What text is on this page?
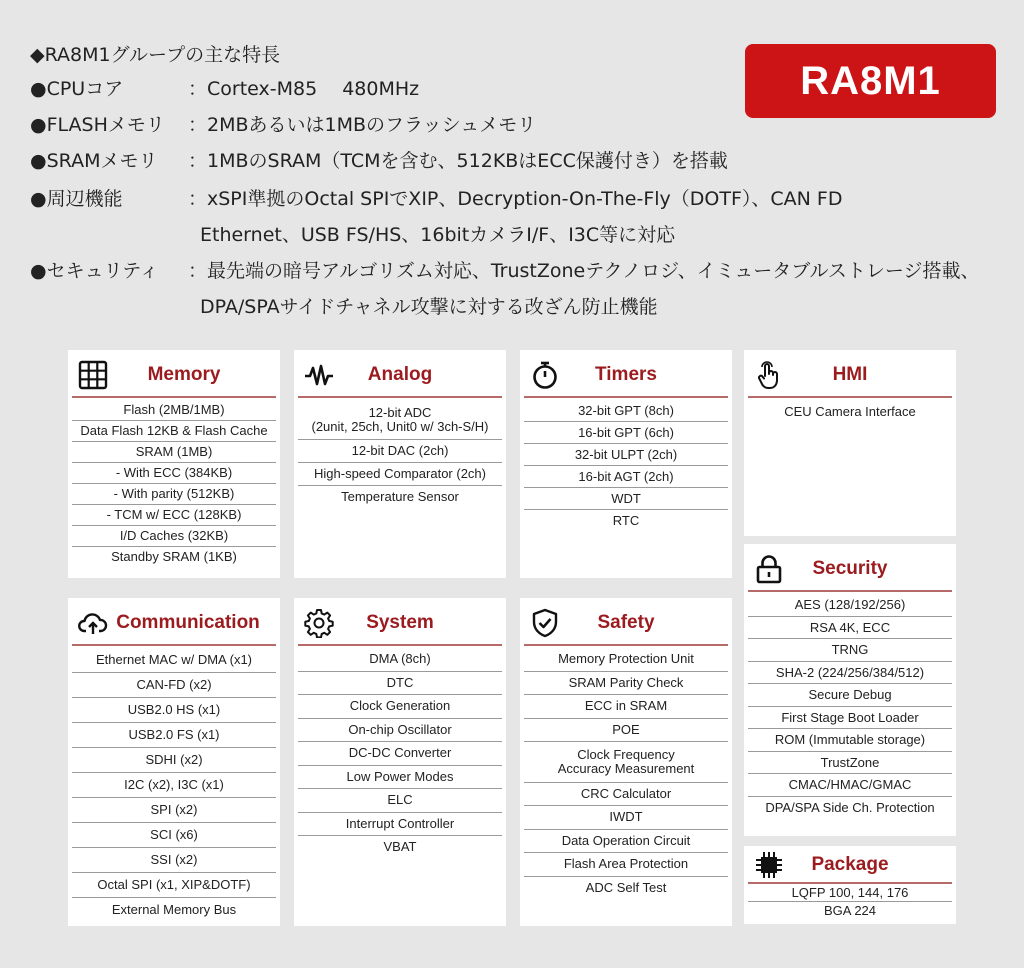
◆RA8M1グループの主な特長
●CPUコア	：Cortex-M85　 480MHz
●FLASHメモリ ：2MBあるいは1MBのフラッシュメモリ
●SRAMメモリ ：1MBのSRAM（TCMを含む、512KBはECC保護付き）を搭載
●周辺機能	：xSPI準拠のOctal SPIでXIP、Decryption-On-The-Fly（DOTF）、CAN FD
Ethernet、USB FS/HS、16bitカメラI/F、I3C等に対応
●セキュリティ ：最先端の暗号アルゴリズム対応、TrustZoneテクノロジ、イミュータブルストレージ搭載、
DPA/SPAサイドチャネル攻撃に対する改ざん防止機能
RA8M1
Memory
Flash (2MB/1MB)
Data Flash 12KB & Flash Cache
SRAM (1MB)
- With ECC (384KB)
- With parity (512KB)
- TCM w/ ECC (128KB)
I/D Caches (32KB)
Standby SRAM (1KB)
Analog
12-bit ADC
(2unit, 25ch, Unit0 w/ 3ch-S/H)
12-bit DAC (2ch)
High-speed Comparator (2ch)
Temperature Sensor
Timers
32-bit GPT (8ch)
16-bit GPT (6ch)
32-bit ULPT (2ch)
16-bit AGT (2ch)
WDT
RTC
HMI
CEU Camera Interface
Security
AES (128/192/256)
RSA 4K, ECC
TRNG
SHA-2 (224/256/384/512)
Secure Debug
First Stage Boot Loader
ROM (Immutable storage)
TrustZone
CMAC/HMAC/GMAC
DPA/SPA Side Ch. Protection
Package
LQFP 100, 144, 176
BGA 224
Communication
Ethernet MAC w/ DMA (x1)
CAN-FD (x2)
USB2.0 HS (x1)
USB2.0 FS (x1)
SDHI (x2)
I2C (x2), I3C (x1)
SPI (x2)
SCI (x6)
SSI (x2)
Octal SPI (x1, XIP&DOTF)
External Memory Bus
System
DMA (8ch)
DTC
Clock Generation
On-chip Oscillator
DC-DC Converter
Low Power Modes
ELC
Interrupt Controller
VBAT
Safety
Memory Protection Unit
SRAM Parity Check
ECC in SRAM
POE
Clock Frequency
Accuracy Measurement
CRC Calculator
IWDT
Data Operation Circuit
Flash Area Protection
ADC Self Test
